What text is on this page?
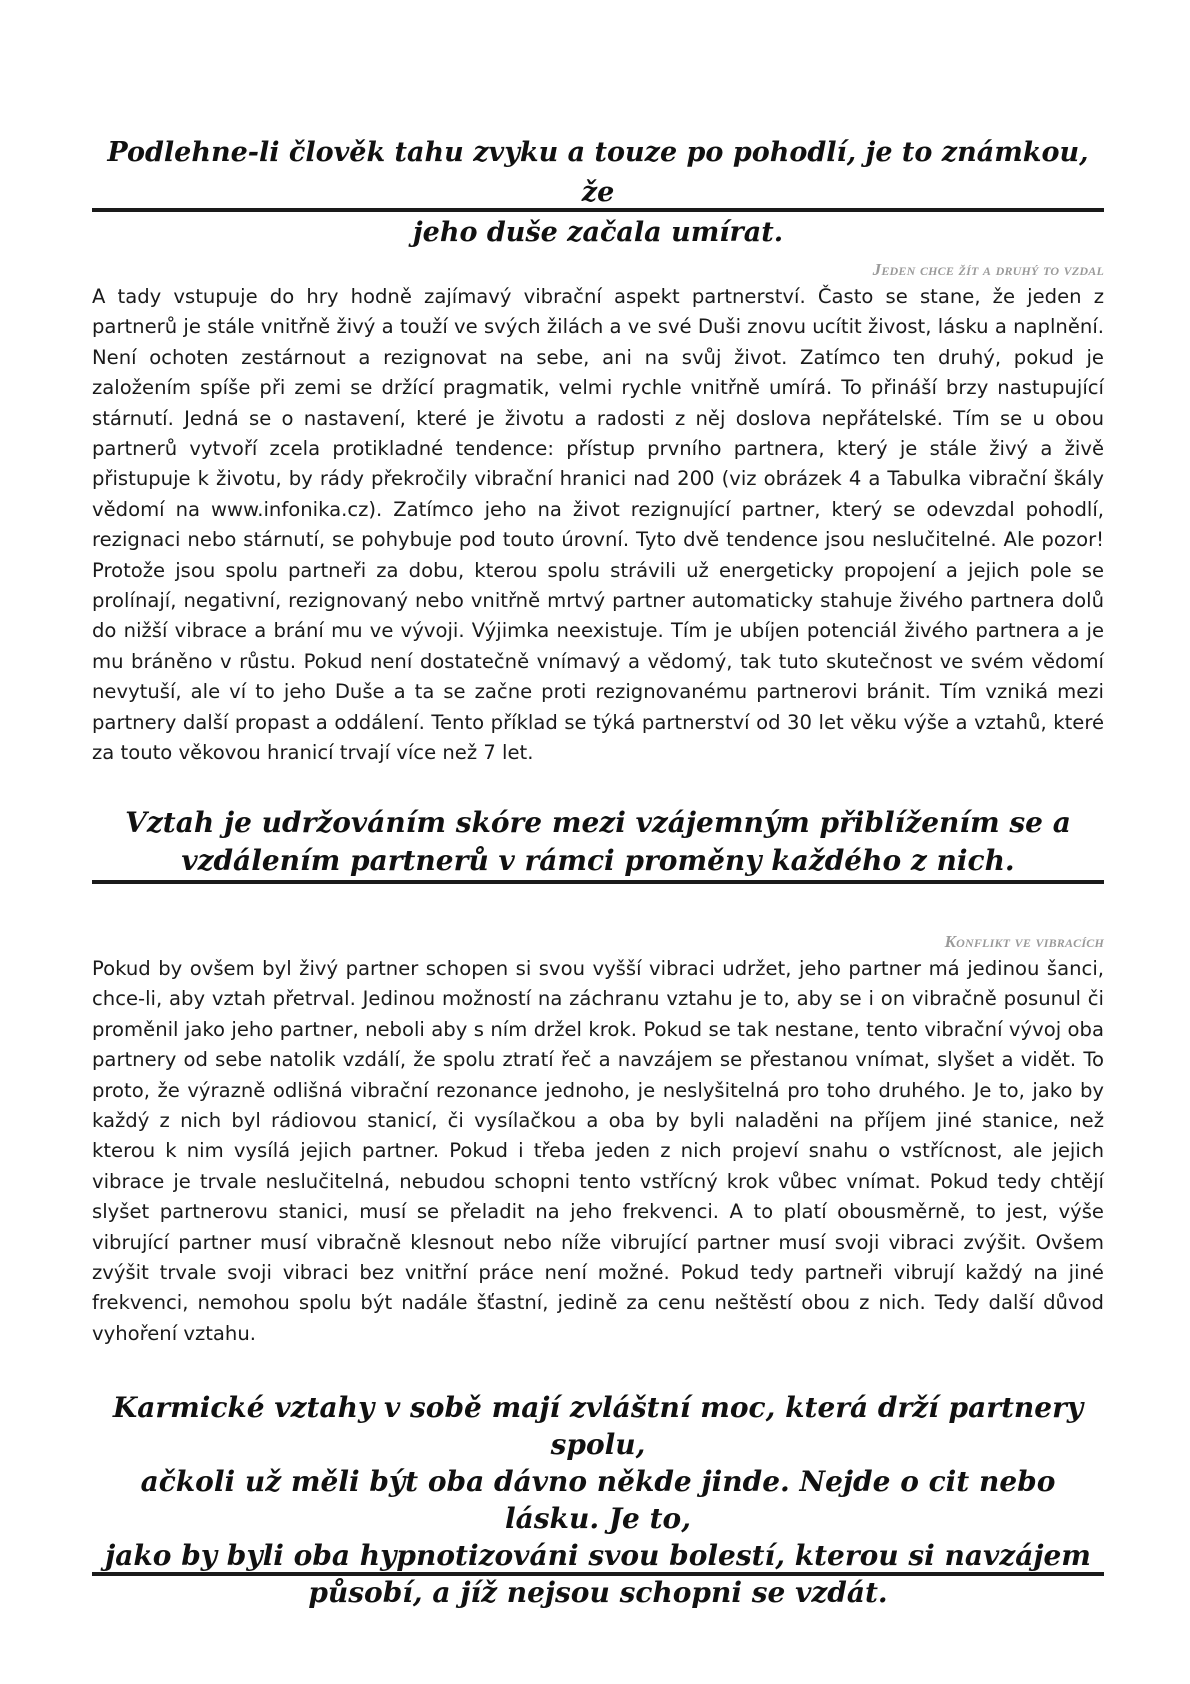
Podlehne-li člověk tahu zvyku a touze po pohodlí, je to známkou, že
jeho duše začala umírat.

Jeden chce žít a druhý to vzdal

A tady vstupuje do hry hodně zajímavý vibrační aspekt partnerství. Často se stane, že jeden z partnerů je stále vnitřně živý a touží ve svých žilách a ve své Duši znovu ucítit živost, lásku a naplnění. Není ochoten zestárnout a rezignovat na sebe, ani na svůj život. Zatímco ten druhý, pokud je založením spíše při zemi se držící pragmatik, velmi rychle vnitřně umírá. To přináší brzy nastupující stárnutí. Jedná se o nastavení, které je životu a radosti z něj doslova nepřátelské. Tím se u obou partnerů vytvoří zcela protikladné tendence: přístup prvního partnera, který je stále živý a živě přistupuje k životu, by rády překročily vibrační hranici nad 200 (viz obrázek 4 a Tabulka vibrační škály vědomí na www.infonika.cz). Zatímco jeho na život rezignující partner, který se odevzdal pohodlí, rezignaci nebo stárnutí, se pohybuje pod touto úrovní. Tyto dvě tendence jsou neslučitelné. Ale pozor! Protože jsou spolu partneři za dobu, kterou spolu strávili už energeticky propojení a jejich pole se prolínají, negativní, rezignovaný nebo vnitřně mrtvý partner automaticky stahuje živého partnera dolů do nižší vibrace a brání mu ve vývoji. Výjimka neexistuje. Tím je ubíjen potenciál živého partnera a je mu bráněno v růstu. Pokud není dostatečně vnímavý a vědomý, tak tuto skutečnost ve svém vědomí nevytuší, ale ví to jeho Duše a ta se začne proti rezignovanému partnerovi bránit. Tím vzniká mezi partnery další propast a oddálení. Tento příklad se týká partnerství od 30 let věku výše a vztahů, které za touto věkovou hranicí trvají více než 7 let.

Vztah je udržováním skóre mezi vzájemným přiblížením se a
vzdálením partnerů v rámci proměny každého z nich.

Konflikt ve vibracích

Pokud by ovšem byl živý partner schopen si svou vyšší vibraci udržet, jeho partner má jedinou šanci, chce-li, aby vztah přetrval. Jedinou možností na záchranu vztahu je to, aby se i on vibračně posunul či proměnil jako jeho partner, neboli aby s ním držel krok. Pokud se tak nestane, tento vibrační vývoj oba partnery od sebe natolik vzdálí, že spolu ztratí řeč a navzájem se přestanou vnímat, slyšet a vidět. To proto, že výrazně odlišná vibrační rezonance jednoho, je neslyšitelná pro toho druhého. Je to, jako by každý z nich byl rádiovou stanicí, či vysílačkou a oba by byli naladěni na příjem jiné stanice, než kterou k nim vysílá jejich partner. Pokud i třeba jeden z nich projeví snahu o vstřícnost, ale jejich vibrace je trvale neslučitelná, nebudou schopni tento vstřícný krok vůbec vnímat. Pokud tedy chtějí slyšet partnerovu stanici, musí se přeladit na jeho frekvenci. A to platí obousměrně, to jest, výše vibrující partner musí vibračně klesnout nebo níže vibrující partner musí svoji vibraci zvýšit. Ovšem zvýšit trvale svoji vibraci bez vnitřní práce není možné. Pokud tedy partneři vibrují každý na jiné frekvenci, nemohou spolu být nadále šťastní, jedině za cenu neštěstí obou z nich. Tedy další důvod vyhoření vztahu.

Karmické vztahy v sobě mají zvláštní moc, která drží partnery spolu,
ačkoli už měli být oba dávno někde jinde. Nejde o cit nebo lásku. Je to,
jako by byli oba hypnotizováni svou bolestí, kterou si navzájem
působí, a jíž nejsou schopni se vzdát.
